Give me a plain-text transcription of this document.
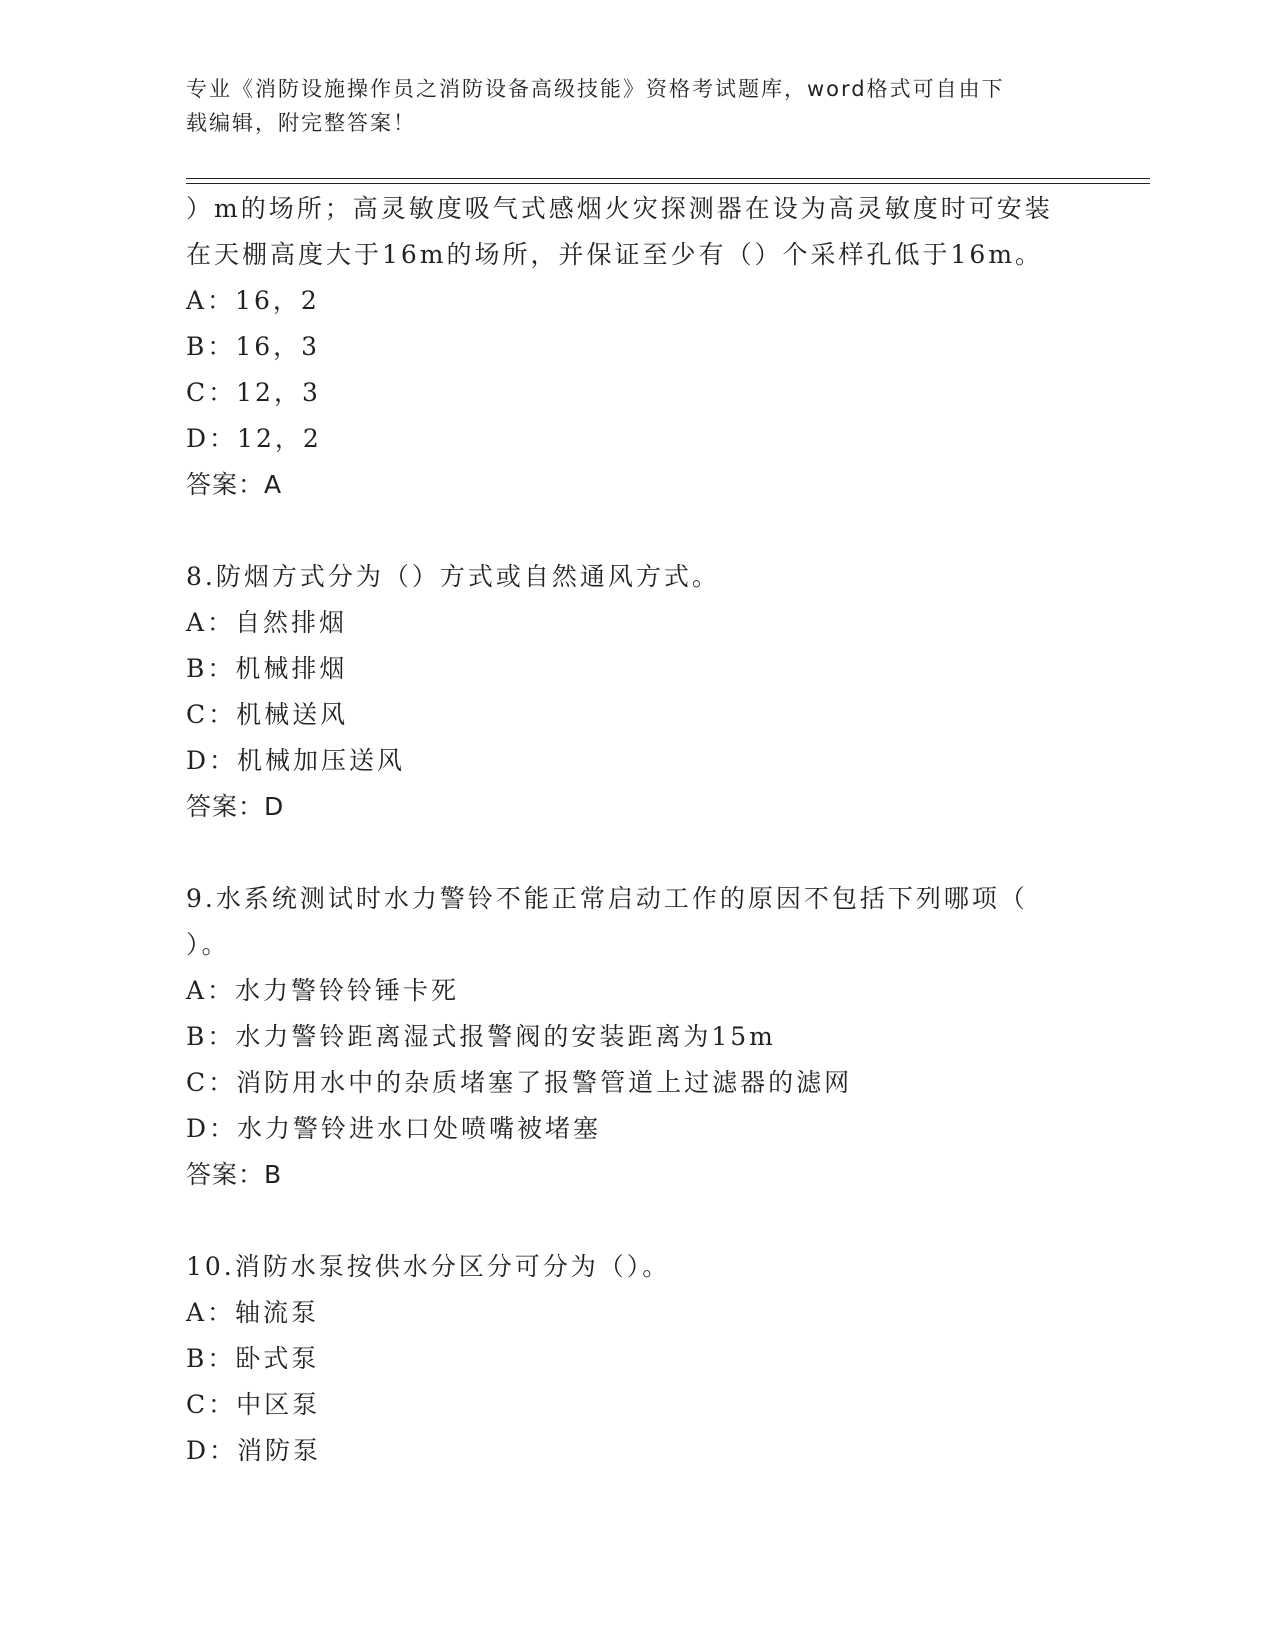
专业《消防设施操作员之消防设备高级技能》资格考试题库，word格式可自由下
载编辑，附完整答案！
）m的场所；高灵敏度吸气式感烟火灾探测器在设为高灵敏度时可安装
在天棚高度大于16m的场所，并保证至少有（）个采样孔低于16m。
A：16，2
B：16，3
C：12，3
D：12，2
答案：A
8.防烟方式分为（）方式或自然通风方式。
A：自然排烟
B：机械排烟
C：机械送风
D：机械加压送风
答案：D
9.水系统测试时水力警铃不能正常启动工作的原因不包括下列哪项（
）。
A：水力警铃铃锤卡死
B：水力警铃距离湿式报警阀的安装距离为15m
C：消防用水中的杂质堵塞了报警管道上过滤器的滤网
D：水力警铃进水口处喷嘴被堵塞
答案：B
10.消防水泵按供水分区分可分为（）。
A：轴流泵
B：卧式泵
C：中区泵
D：消防泵
